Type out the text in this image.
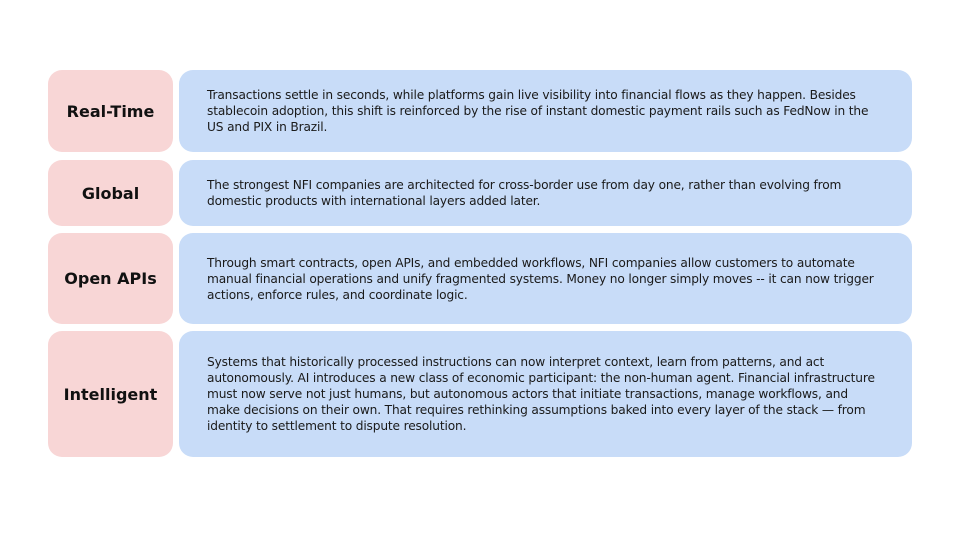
Real-Time
Transactions settle in seconds, while platforms gain live visibility into financial flows as they happen. Besides stablecoin adoption, this shift is reinforced by the rise of instant domestic payment rails such as FedNow in the US and PIX in Brazil.
Global	The strongest NFI companies are architected for cross-border use from day one, rather than evolving from domestic products with international layers added later.
Open APIs
Through smart contracts, open APIs, and embedded workflows, NFI companies allow customers to automate manual financial operations and unify fragmented systems. Money no longer simply moves -- it can now trigger actions, enforce rules, and coordinate logic.
Intelligent
Systems that historically processed instructions can now interpret context, learn from patterns, and act autonomously. AI introduces a new class of economic participant: the non-human agent. Financial infrastructure must now serve not just humans, but autonomous actors that initiate transactions, manage workflows, and make decisions on their own. That requires rethinking assumptions baked into every layer of the stack — from identity to settlement to dispute resolution.
